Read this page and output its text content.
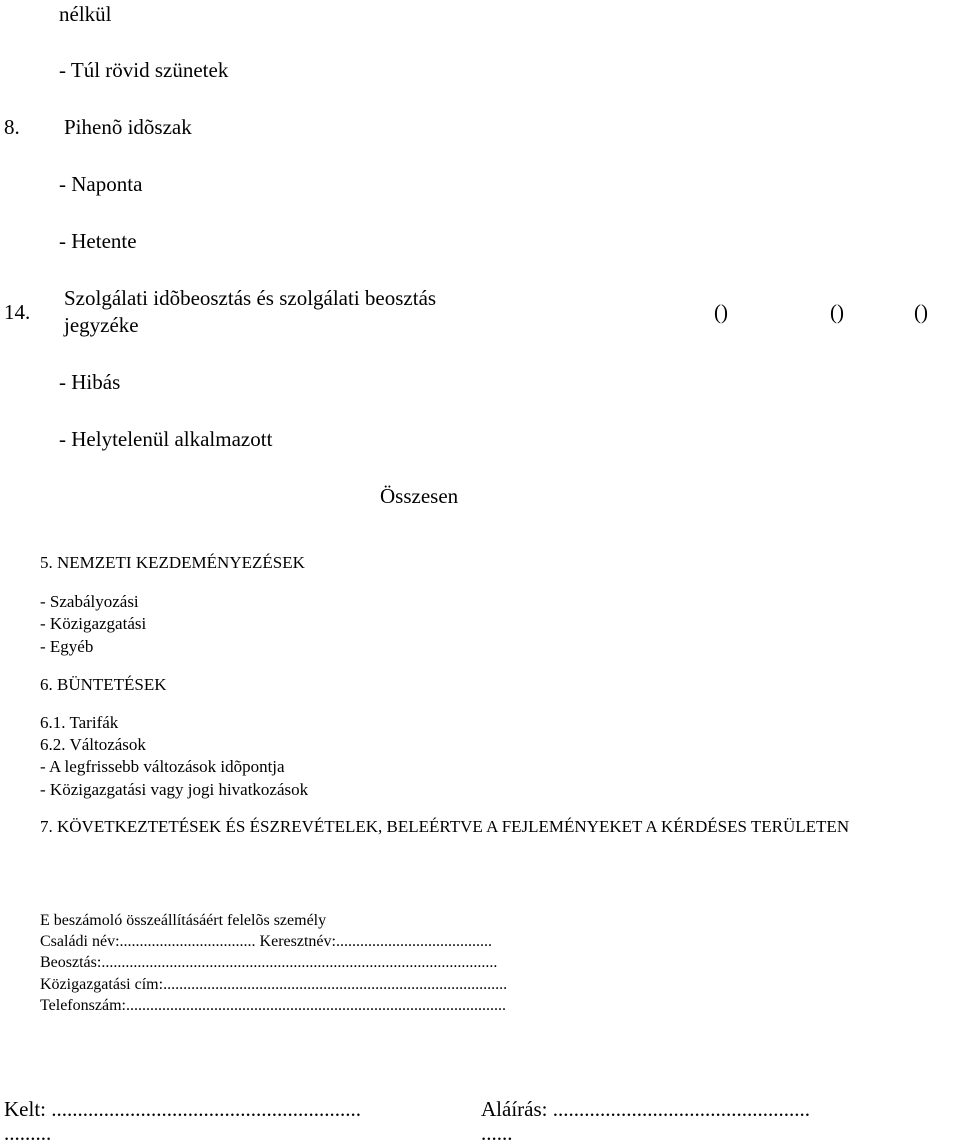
nélkül
- Túl rövid szünetek
8. Pihenõ idõszak
- Naponta
- Hetente
14.
Szolgálati idõbeosztás és szolgálati beosztás
jegyzéke
()	()	()
- Hibás
- Helytelenül alkalmazott
Összesen
5. NEMZETI KEZDEMÉNYEZÉSEK
- Szabályozási
- Közigazgatási
- Egyéb
6. BÜNTETÉSEK
6.1. Tarifák
6.2. Változások
- A legfrissebb változások idõpontja
- Közigazgatási vagy jogi hivatkozások
7. KÖVETKEZTETÉSEK ÉS ÉSZREVÉTELEK, BELEÉRTVE A FEJLEMÉNYEKET A KÉRDÉSES TERÜLETEN
E beszámoló összeállításáért felelõs személy
Családi név:.................................. Keresztnév:.......................................
Beosztás:...................................................................................................
Közigazgatási cím:......................................................................................
Telefonszám:...............................................................................................
Kelt: ...........................................................
.........
Aláírás: .................................................
......
